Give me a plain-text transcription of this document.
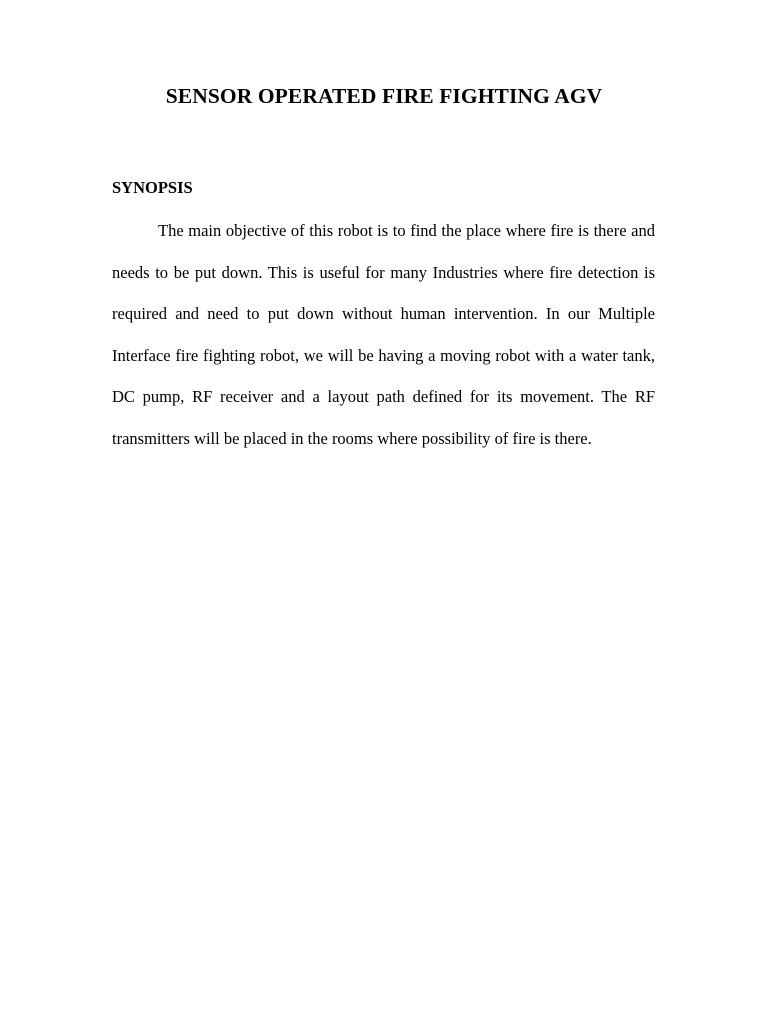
SENSOR OPERATED FIRE FIGHTING AGV
SYNOPSIS

The main objective of this robot is to find the place where fire is there and needs to be put down. This is useful for many Industries where fire detection is required and need to put down without human intervention. In our Multiple Interface fire fighting robot, we will be having a moving robot with a water tank, DC pump, RF receiver and a layout path defined for its movement. The RF transmitters will be placed in the rooms where possibility of fire is there.
